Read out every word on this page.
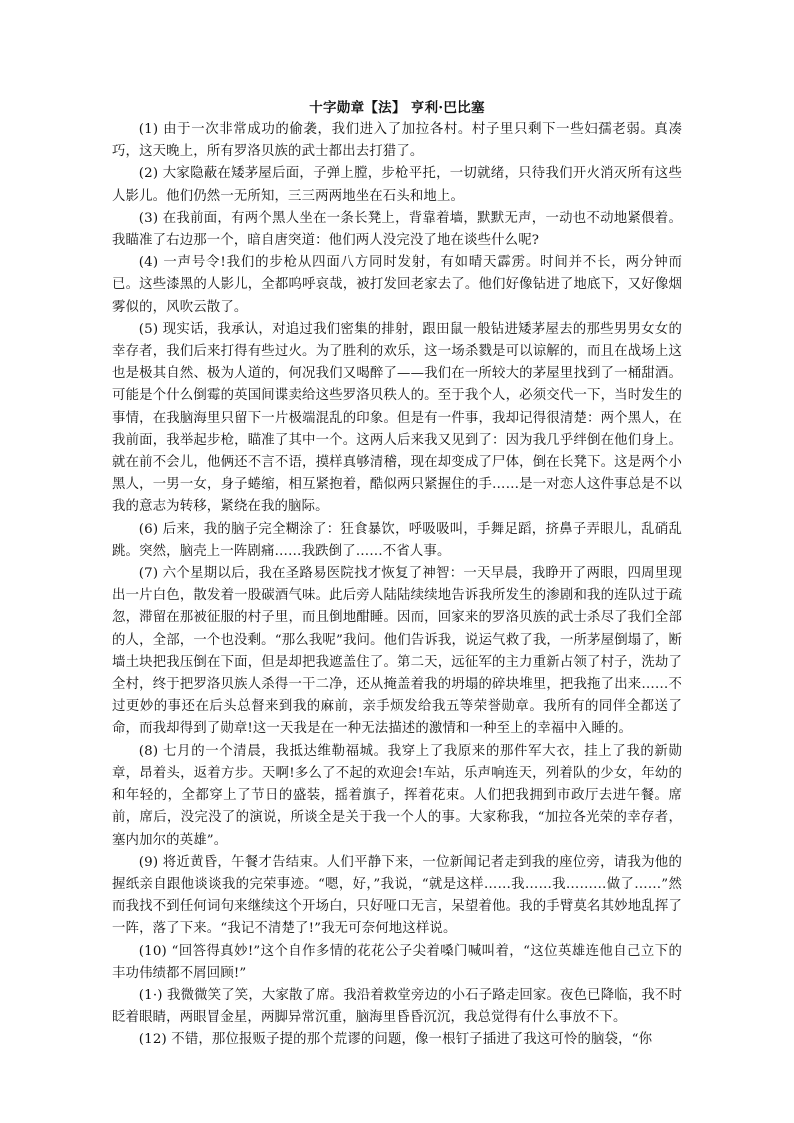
十字勋章【法】 亨利·巴比塞

(1) 由于一次非常成功的偷袭，我们进入了加拉各村。村子里只剩下一些妇孺老弱。真凑巧，这天晚上，所有罗洛贝族的武士都出去打猎了。

(2) 大家隐蔽在矮茅屋后面，子弹上膛，步枪平托，一切就绪，只待我们开火消灭所有这些人影儿。他们仍然一无所知，三三两两地坐在石头和地上。

(3) 在我前面，有两个黑人坐在一条长凳上，背靠着墙，默默无声，一动也不动地紧偎着。我瞄准了右边那一个，暗自唐突道：他们两人没完没了地在谈些什么呢?

(4) 一声号令!我们的步枪从四面八方同时发射，有如晴天霹雳。时间并不长，两分钟而已。这些漆黑的人影儿，全都呜呼哀哉，被打发回老家去了。他们好像钻进了地底下，又好像烟雾似的，风吹云散了。

(5) 现实话，我承认，对追过我们密集的排射，跟田鼠一般钻进矮茅屋去的那些男男女女的幸存者，我们后来打得有些过火。为了胜利的欢乐，这一场杀戮是可以谅解的，而且在战场上这也是极其自然、极为人道的，何况我们又喝醉了——我们在一所较大的茅屋里找到了一桶甜酒。可能是个什么倒霉的英国间谍卖给这些罗洛贝秩人的。至于我个人，必须交代一下，当时发生的事情，在我脑海里只留下一片极端混乱的印象。但是有一件事，我却记得很清楚：两个黑人，在我前面，我举起步枪，瞄准了其中一个。这两人后来我又见到了：因为我几乎绊倒在他们身上。就在前不会儿，他俩还不言不语，摸样真够清稽，现在却变成了尸体，倒在长凳下。这是两个小黑人，一男一女，身子蜷缩，相互紧抱着，酷似两只紧握住的手……是一对恋人这件事总是不以我的意志为转移，紧绕在我的脑际。

(6) 后来，我的脑子完全糊涂了：狂食暴饮，呼吸吸叫，手舞足蹈，挤鼻子弄眼儿，乱硝乱跳。突然，脑壳上一阵剧痛……我跌倒了……不省人事。

(7) 六个星期以后，我在圣路易医院找才恢复了神智：一天早晨，我睁开了两眼，四周里现出一片白色，散发着一股碳酒气味。此后旁人陆陆续续地告诉我所发生的渗剧和我的连队过于疏忽，滞留在那被征服的村子里，而且倒地酣睡。因而，回家来的罗洛贝族的武士杀尽了我们全部的人，全部，一个也没剩。“那么我呢”我问。他们告诉我，说运气救了我，一所茅屋倒塌了，断墙土块把我压倒在下面，但是却把我遮盖住了。第二天，远征军的主力重新占领了村子，洗劫了全村，终于把罗洛贝族人杀得一干二净，还从掩盖着我的坍塌的碎块堆里，把我拖了出来……不过更妙的事还在后头总督来到我的麻前，亲手烦发给我五等荣誉勋章。我所有的同伴全都送了命，而我却得到了勋章!这一天我是在一种无法描述的激情和一种至上的幸福中入睡的。

(8) 七月的一个清晨，我抵达维勒福城。我穿上了我原来的那件军大衣，挂上了我的新勋章，昂着头，返着方步。天啊!多么了不起的欢迎会!车站，乐声响连天，列着队的少女，年幼的和年轻的，全都穿上了节日的盛装，摇着旗子，挥着花束。人们把我拥到市政厅去进午餐。席前，席后，没完没了的演说，所谈全是关于我一个人的事。大家称我，“加拉各光荣的幸存者，塞内加尔的英雄”。

(9) 将近黄昏，午餐才告结束。人们平静下来，一位新闻记者走到我的座位旁，请我为他的握纸亲自跟他谈谈我的完荣事迹。“嗯，好，”我说，“就是这样……我……我………做了……”然而我找不到任何词句来继续这个开场白，只好哑口无言，呆望着他。我的手臂莫名其妙地乱挥了一阵，落了下来。“我记不清楚了!”我无可奈何地这样说。

(10) “回答得真妙!”这个自作多情的花花公子尖着嗓门喊叫着，“这位英雄连他自己立下的丰功伟绩都不屑回顾!”

(1·) 我微微笑了笑，大家散了席。我沿着救堂旁边的小石子路走回家。夜色已降临，我不时眨着眼睛，两眼冒金星，两脚异常沉重，脑海里昏昏沉沉，我总觉得有什么事放不下。

(12) 不错，那位报贩子提的那个荒谬的问题，像一根钉子插进了我这可怜的脑袋，“你
